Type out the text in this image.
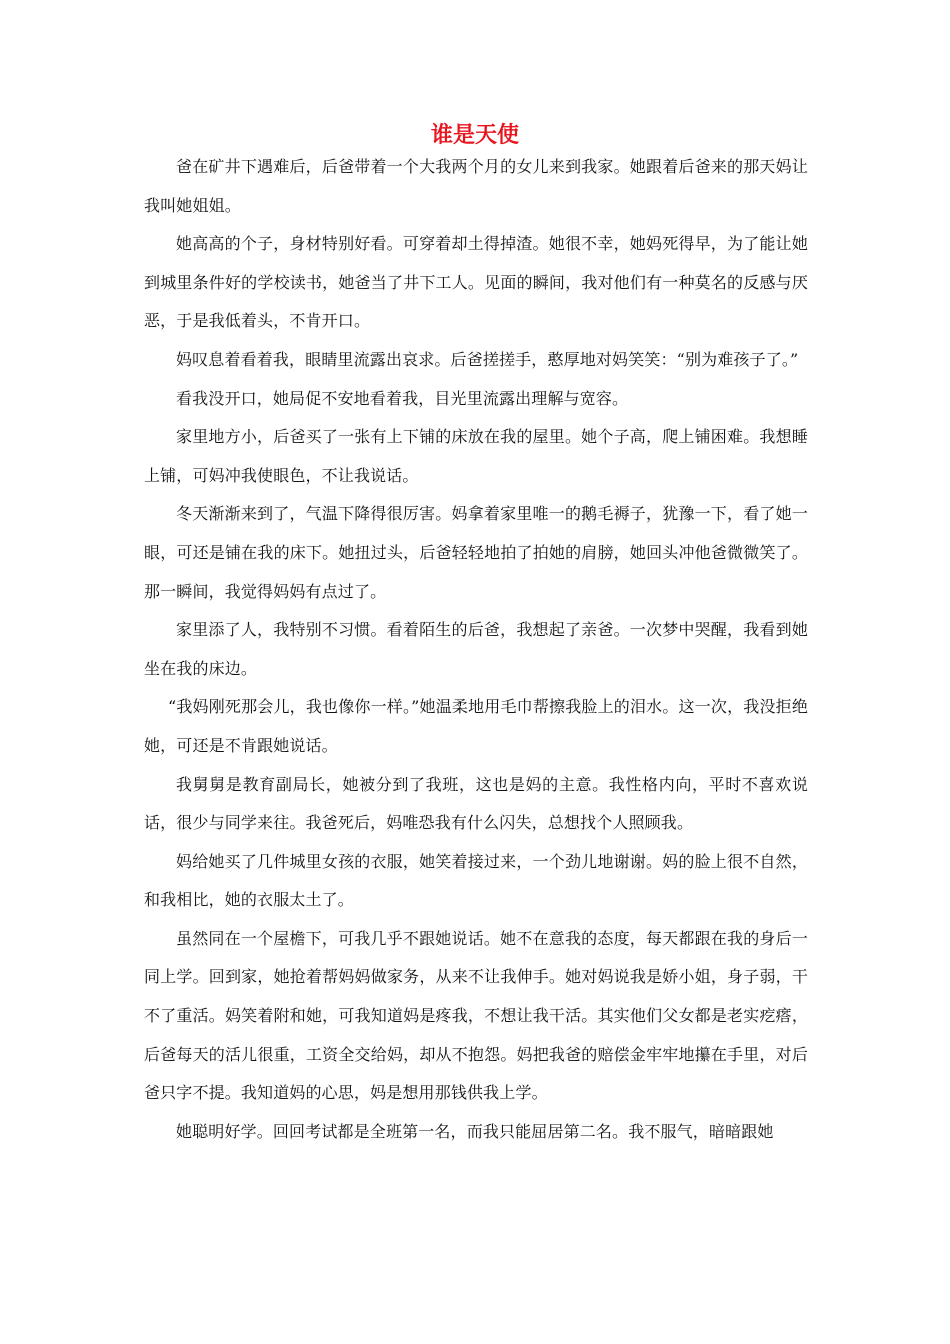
谁是天使

爸在矿井下遇难后，后爸带着一个大我两个月的女儿来到我家。她跟着后爸来的那天妈让我叫她姐姐。

她高高的个子，身材特别好看。可穿着却土得掉渣。她很不幸，她妈死得早，为了能让她到城里条件好的学校读书，她爸当了井下工人。见面的瞬间，我对他们有一种莫名的反感与厌恶，于是我低着头，不肯开口。

妈叹息着看着我，眼睛里流露出哀求。后爸搓搓手，憨厚地对妈笑笑：“别为难孩子了。”

看我没开口，她局促不安地看着我，目光里流露出理解与宽容。

家里地方小，后爸买了一张有上下铺的床放在我的屋里。她个子高，爬上铺困难。我想睡上铺，可妈冲我使眼色，不让我说话。

冬天渐渐来到了，气温下降得很厉害。妈拿着家里唯一的鹅毛褥子，犹豫一下，看了她一眼，可还是铺在我的床下。她扭过头，后爸轻轻地拍了拍她的肩膀，她回头冲他爸微微笑了。那一瞬间，我觉得妈妈有点过了。

家里添了人，我特别不习惯。看着陌生的后爸，我想起了亲爸。一次梦中哭醒，我看到她坐在我的床边。

“我妈刚死那会儿，我也像你一样。”她温柔地用毛巾帮擦我脸上的泪水。这一次，我没拒绝她，可还是不肯跟她说话。

我舅舅是教育副局长，她被分到了我班，这也是妈的主意。我性格内向，平时不喜欢说话，很少与同学来往。我爸死后，妈唯恐我有什么闪失，总想找个人照顾我。

妈给她买了几件城里女孩的衣服，她笑着接过来，一个劲儿地谢谢。妈的脸上很不自然，和我相比，她的衣服太土了。

虽然同在一个屋檐下，可我几乎不跟她说话。她不在意我的态度，每天都跟在我的身后一同上学。回到家，她抢着帮妈妈做家务，从来不让我伸手。她对妈说我是娇小姐，身子弱，干不了重活。妈笑着附和她，可我知道妈是疼我，不想让我干活。其实他们父女都是老实疙瘩，后爸每天的活儿很重，工资全交给妈，却从不抱怨。妈把我爸的赔偿金牢牢地攥在手里，对后爸只字不提。我知道妈的心思，妈是想用那钱供我上学。

她聪明好学。回回考试都是全班第一名，而我只能屈居第二名。我不服气，暗暗跟她
